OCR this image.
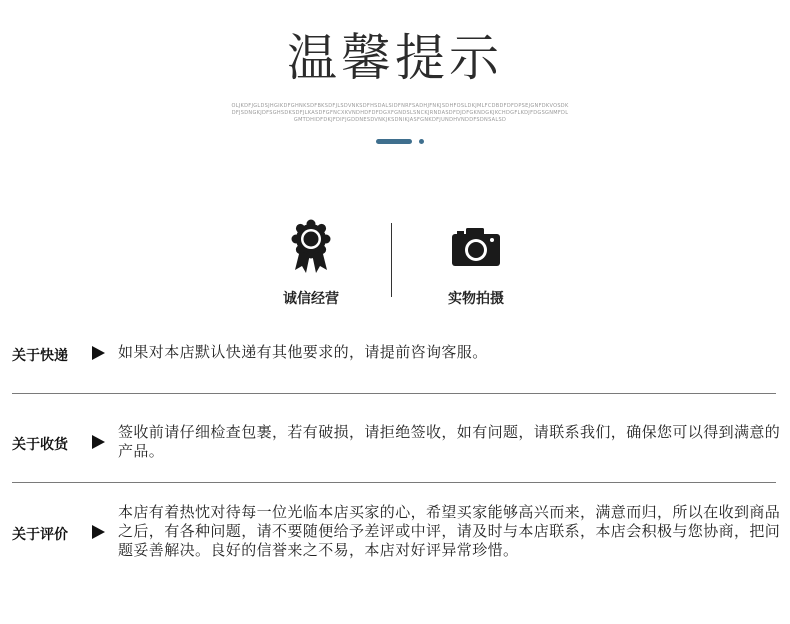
温馨提示
OLJKDFJGLDSJHGIKDFGHNKSDFBKSDFJLSDVNKSDFHSDALSIDFNRFSADHJFNKJSDHFOSLDKJMLFCDBDFDFDPSEJGNFDKVOSDKDFJSDNGKJDFSGHSDKSDFJLKASDFGFNCXKVNDHDFDFDGXFGNDSLSNCKJRNDASDFDJDFGKNDGKJKCHDGFLKDJFDGSGNMFDLGMTDHIDFDKJFDIFJGDDNESDVNKJKSDNIKJASFGNKDFJUNDHVNDDFSDNSALSD
诚信经营	实物拍摄
关于快递	如果对本店默认快递有其他要求的，请提前咨询客服。
关于收货
签收前请仔细检查包裹，若有破损，请拒绝签收，如有问题，请联系我们，确保您可以得到满意的产品。
关于评价
本店有着热忱对待每一位光临本店买家的心，希望买家能够高兴而来，满意而归，所以在收到商品之后，有各种问题，请不要随便给予差评或中评，请及时与本店联系，本店会积极与您协商，把问题妥善解决。良好的信誉来之不易，本店对好评异常珍惜。
